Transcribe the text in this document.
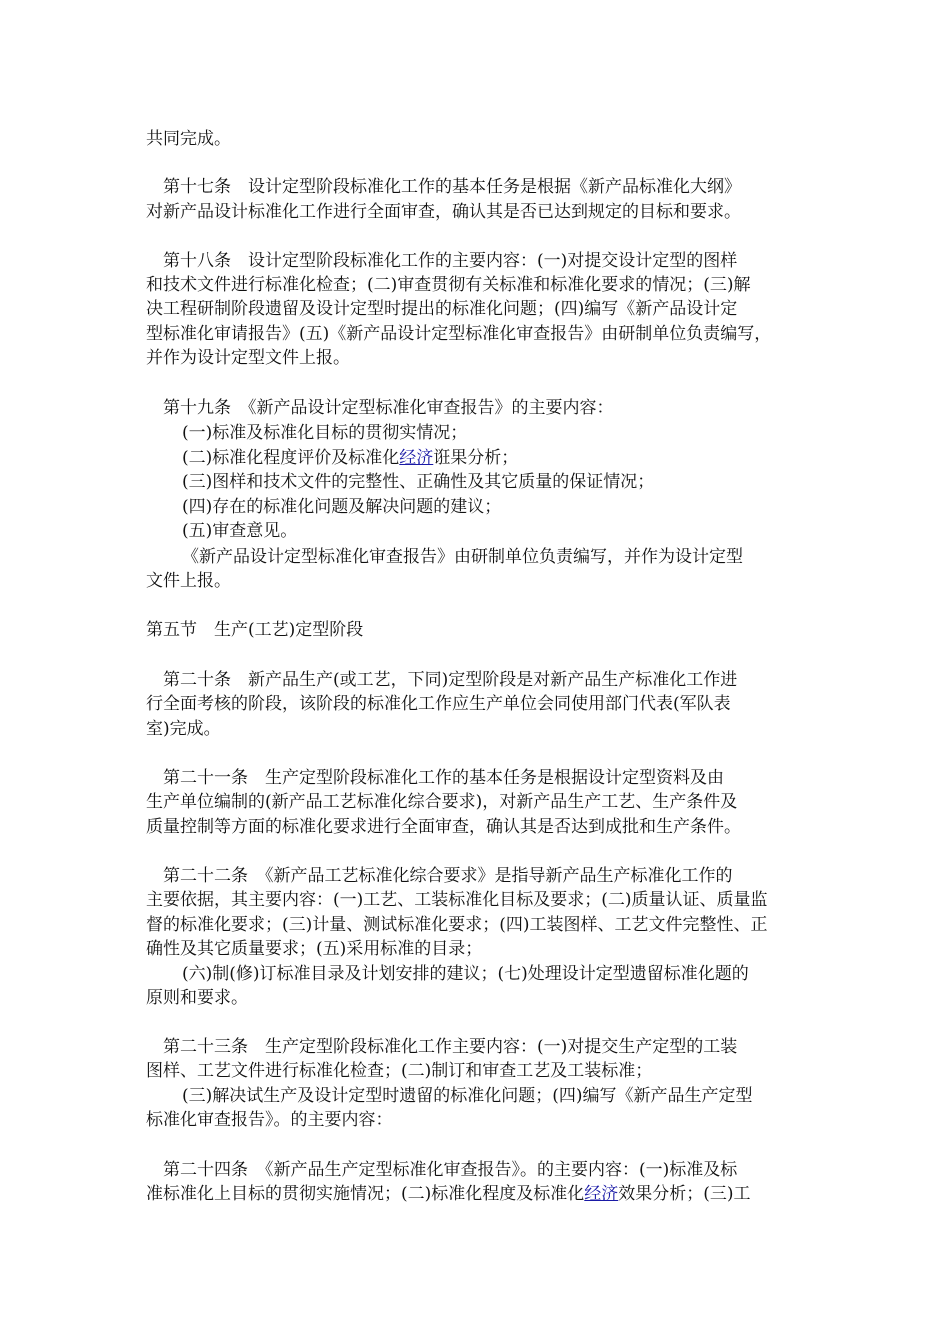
共同完成。
第十七条　设计定型阶段标准化工作的基本任务是根据《新产品标准化大纲》
对新产品设计标准化工作进行全面审查，确认其是否已达到规定的目标和要求。
第十八条　设计定型阶段标准化工作的主要内容：(一)对提交设计定型的图样
和技术文件进行标准化检查；(二)审查贯彻有关标准和标准化要求的情况；(三)解
决工程研制阶段遗留及设计定型时提出的标准化问题；(四)编写《新产品设计定
型标准化审请报告》(五)《新产品设计定型标准化审查报告》由研制单位负责编写，
并作为设计定型文件上报。
第十九条　《新产品设计定型标准化审查报告》的主要内容：
(一)标准及标准化目标的贯彻实情况；
(二)标准化程度评价及标准化经济诳果分析；
(三)图样和技术文件的完整性、正确性及其它质量的保证情况；
(四)存在的标准化问题及解决问题的建议；
(五)审查意见。
《新产品设计定型标准化审查报告》由研制单位负责编写，并作为设计定型
文件上报。
第五节　生产(工艺)定型阶段
第二十条　新产品生产(或工艺，下同)定型阶段是对新产品生产标准化工作进
行全面考核的阶段，该阶段的标准化工作应生产单位会同使用部门代表(军队表
室)完成。
第二十一条　生产定型阶段标准化工作的基本任务是根据设计定型资料及由
生产单位编制的(新产品工艺标准化综合要求)，对新产品生产工艺、生产条件及
质量控制等方面的标准化要求进行全面审查，确认其是否达到成批和生产条件。
第二十二条　《新产品工艺标准化综合要求》是指导新产品生产标准化工作的
主要依据，其主要内容：(一)工艺、工装标准化目标及要求；(二)质量认证、质量监
督的标准化要求；(三)计量、测试标准化要求；(四)工装图样、工艺文件完整性、正
确性及其它质量要求；(五)采用标准的目录；
(六)制(修)订标准目录及计划安排的建议；(七)处理设计定型遗留标准化题的
原则和要求。
第二十三条　生产定型阶段标准化工作主要内容：(一)对提交生产定型的工装
图样、工艺文件进行标准化检查；(二)制订和审查工艺及工装标准；
(三)解决试生产及设计定型时遗留的标准化问题；(四)编写《新产品生产定型
标准化审查报告》。的主要内容：
第二十四条　《新产品生产定型标准化审查报告》。的主要内容：(一)标准及标
准标准化上目标的贯彻实施情况；(二)标准化程度及标准化经济效果分析；(三)工
